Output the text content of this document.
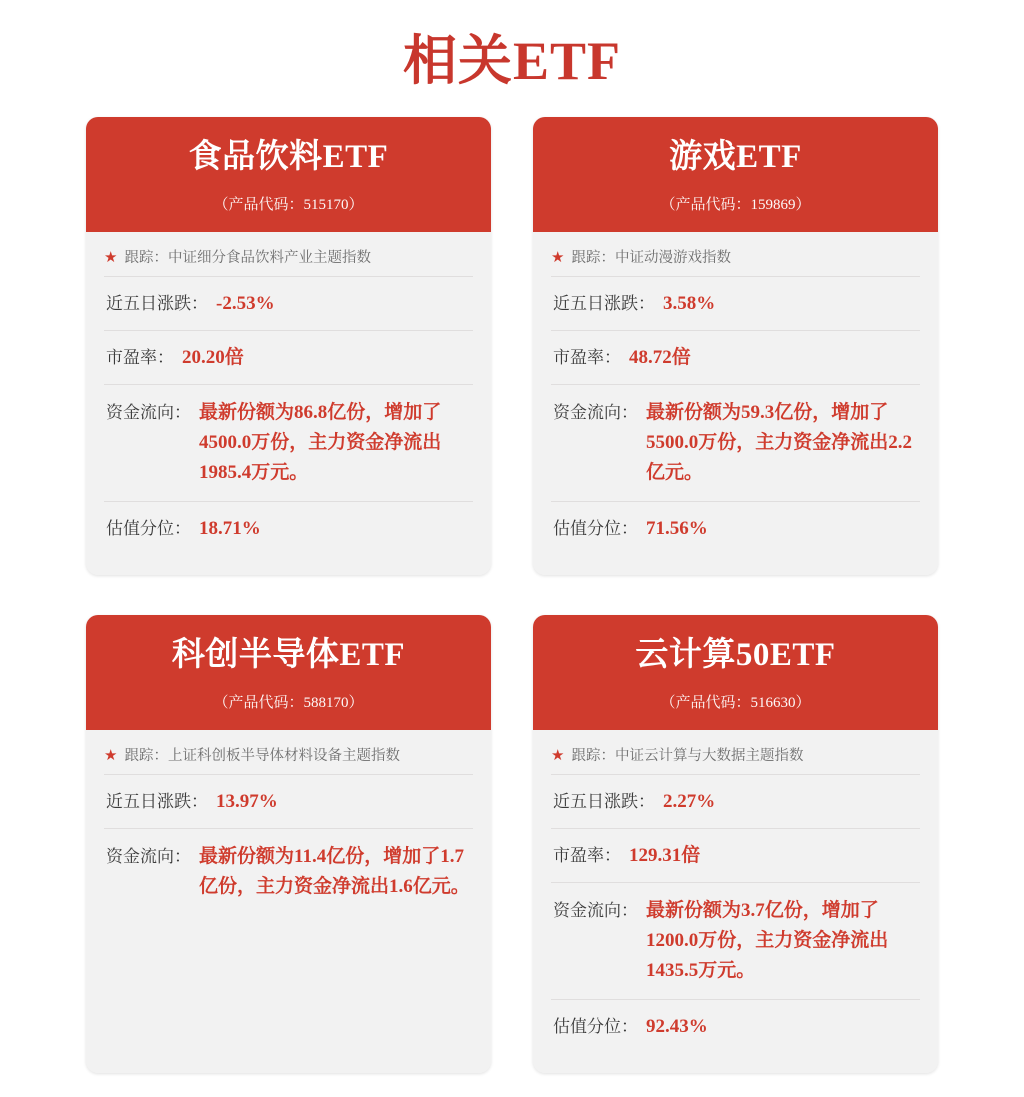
相关ETF
食品饮料ETF
（产品代码：515170）
★ 跟踪：中证细分食品饮料产业主题指数
近五日涨跌： -2.53%
市盈率： 20.20倍
资金流向： 最新份额为86.8亿份，增加了4500.0万份，主力资金净流出1985.4万元。
估值分位： 18.71%
游戏ETF
（产品代码：159869）
★ 跟踪：中证动漫游戏指数
近五日涨跌： 3.58%
市盈率： 48.72倍
资金流向： 最新份额为59.3亿份，增加了5500.0万份，主力资金净流出2.2亿元。
估值分位： 71.56%
科创半导体ETF
（产品代码：588170）
★ 跟踪：上证科创板半导体材料设备主题指数
近五日涨跌： 13.97%
资金流向： 最新份额为11.4亿份，增加了1.7亿份，主力资金净流出1.6亿元。
云计算50ETF
（产品代码：516630）
★ 跟踪：中证云计算与大数据主题指数
近五日涨跌： 2.27%
市盈率： 129.31倍
资金流向： 最新份额为3.7亿份，增加了1200.0万份，主力资金净流出1435.5万元。
估值分位： 92.43%
